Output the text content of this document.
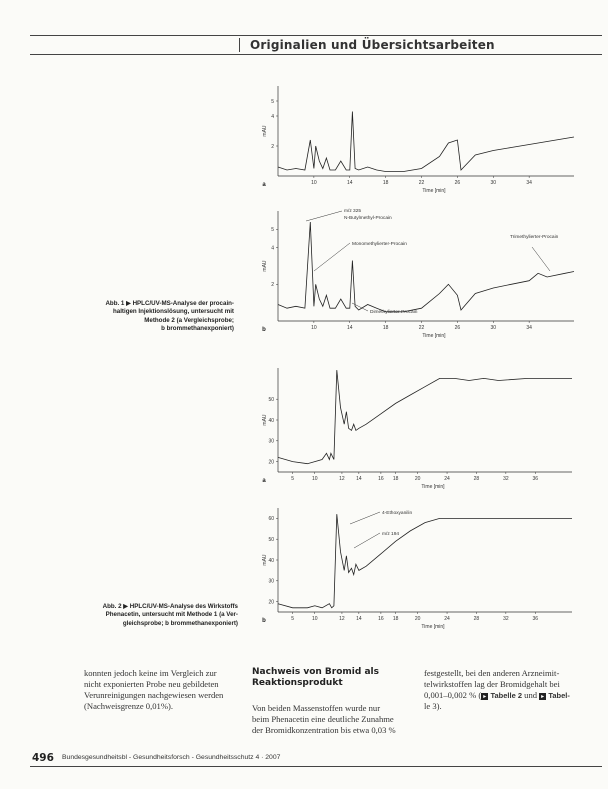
Originalien und Übersichtsarbeiten
Abb. 1 ▶ HPLC/UV-MS-Analyse der procain-
haltigen Injektionslösung, untersucht mit
Methode 2 (a Vergleichsprobe;
b brommethanexponiert)
Abb. 2 ▶ HPLC/UV-MS-Analyse des Wirkstoffs
Phenacetin, untersucht mit Methode 1 (a Ver-
gleichsprobe; b brommethanexponiert)
10	14	18	22	26	30	34
2
4
5
Time [min]
mAU
a
10	14	18	22	26	30	34
2
4
5
Time [min]
mAU
b
m/z 325
N-Butylmethyl-Procain
Monomethylierter-Procain
Dimethylierter-Procain
Trimethylierter-Procain
5	10	12 14	16 18	20	24	28	32	36
20
30
40
50
Time [min]
mAU
a
5	10	12 14	16 18	20	24	28	32	36
20
30
40
50
60
Time [min]
mAU
b
4-Ethoxyanilin
m/z 194
konnten jedoch keine im Vergleich zur
nicht exponierten Probe neu gebildeten
Verunreinigungen nachgewiesen werden
(Nachweisgrenze 0,01%).
Nachweis von Bromid als
Reaktionsprodukt
Von beiden Massenstoffen wurde nur
beim Phenacetin eine deutliche Zunahme
der Bromidkonzentration bis etwa 0,03 %
festgestellt, bei den anderen Arzneimit-
telwirkstoffen lag der Bromidgehalt bei
0,001–0,002 % ( ▸ Tabelle 2 und ▸ Tabel-
le 3).
496 Bundesgesundheitsbl - Gesundheitsforsch - Gesundheitsschutz 4 · 2007
